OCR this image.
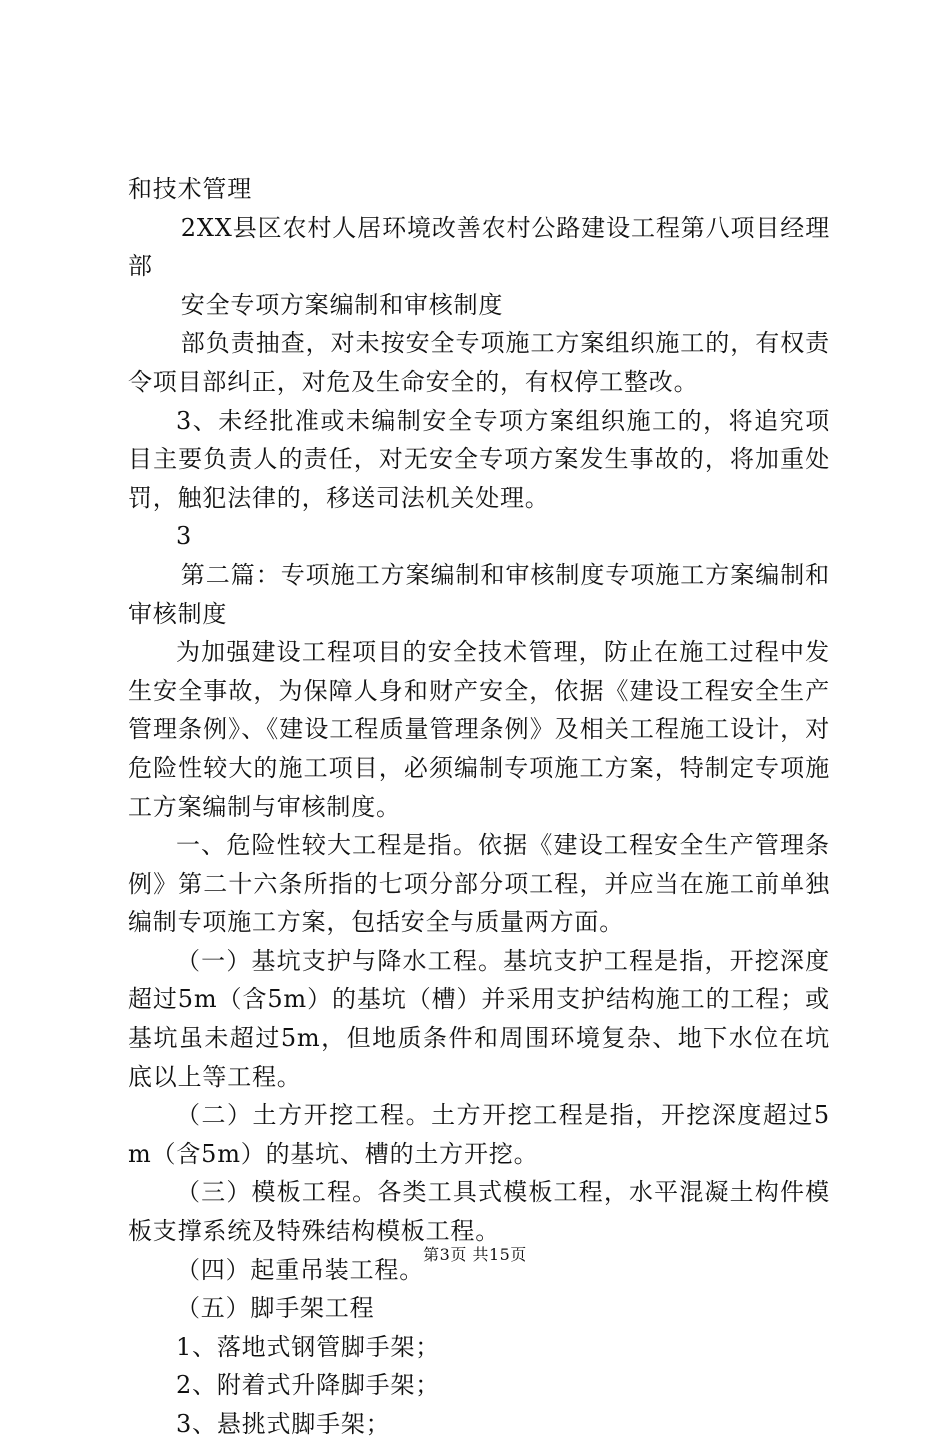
和技术管理

2XX县区农村人居环境改善农村公路建设工程第八项目经理部

安全专项方案编制和审核制度

部负责抽查，对未按安全专项施工方案组织施工的，有权责令项目部纠正，对危及生命安全的，有权停工整改。

3、未经批准或未编制安全专项方案组织施工的，将追究项目主要负责人的责任，对无安全专项方案发生事故的，将加重处罚，触犯法律的，移送司法机关处理。

3

第二篇：专项施工方案编制和审核制度专项施工方案编制和审核制度

为加强建设工程项目的安全技术管理，防止在施工过程中发生安全事故，为保障人身和财产安全，依据《建设工程安全生产管理条例》、《建设工程质量管理条例》及相关工程施工设计，对危险性较大的施工项目，必须编制专项施工方案，特制定专项施工方案编制与审核制度。

一、危险性较大工程是指。依据《建设工程安全生产管理条例》第二十六条所指的七项分部分项工程，并应当在施工前单独编制专项施工方案，包括安全与质量两方面。

（一）基坑支护与降水工程。基坑支护工程是指，开挖深度超过5m（含5m）的基坑（槽）并采用支护结构施工的工程；或基坑虽未超过5m，但地质条件和周围环境复杂、地下水位在坑底以上等工程。

（二）土方开挖工程。土方开挖工程是指，开挖深度超过5m（含5m）的基坑、槽的土方开挖。

（三）模板工程。各类工具式模板工程，水平混凝土构件模板支撑系统及特殊结构模板工程。

（四）起重吊装工程。

（五）脚手架工程

1、落地式钢管脚手架；

2、附着式升降脚手架；

3、悬挑式脚手架；

第3页 共15页
